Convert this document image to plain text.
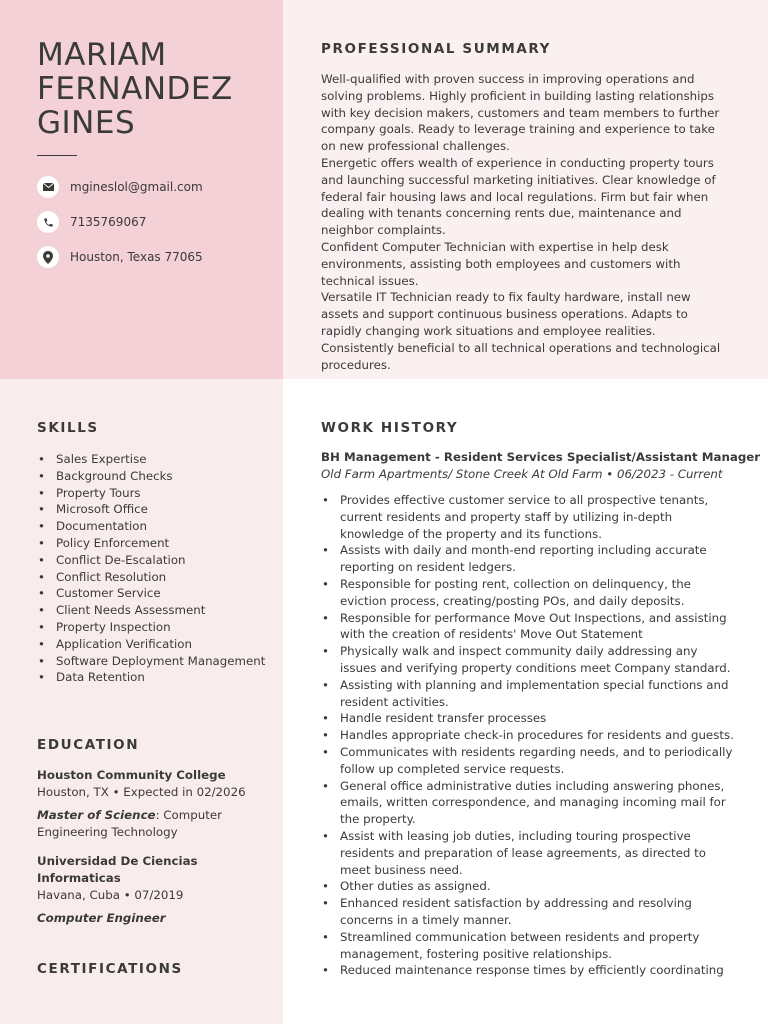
MARIAM
FERNANDEZ
GINES
mgineslol@gmail.com
7135769067
Houston, Texas 77065
PROFESSIONAL SUMMARY

Well-qualified with proven success in improving operations and solving problems. Highly proficient in building lasting relationships with key decision makers, customers and team members to further company goals. Ready to leverage training and experience to take on new professional challenges.

Energetic offers wealth of experience in conducting property tours and launching successful marketing initiatives. Clear knowledge of federal fair housing laws and local regulations. Firm but fair when dealing with tenants concerning rents due, maintenance and neighbor complaints.

Confident Computer Technician with expertise in help desk environments, assisting both employees and customers with technical issues.

Versatile IT Technician ready to fix faulty hardware, install new assets and support continuous business operations. Adapts to rapidly changing work situations and employee realities. Consistently beneficial to all technical operations and technological procedures.

SKILLS
• Sales Expertise
• Background Checks
• Property Tours
• Microsoft Office
• Documentation
• Policy Enforcement
• Conflict De-Escalation
• Conflict Resolution
• Customer Service
• Client Needs Assessment
• Property Inspection
• Application Verification
• Software Deployment Management
• Data Retention
EDUCATION
Houston Community College
Houston, TX • Expected in 02/2026
Master of Science: Computer Engineering Technology
Universidad De Ciencias Informaticas
Havana, Cuba • 07/2019
Computer Engineer
CERTIFICATIONS
WORK HISTORY
BH Management - Resident Services Specialist/Assistant Manager
Old Farm Apartments/ Stone Creek At Old Farm • 06/2023 - Current
• Provides effective customer service to all prospective tenants, current residents and property staff by utilizing in-depth knowledge of the property and its functions.
• Assists with daily and month-end reporting including accurate reporting on resident ledgers.
• Responsible for posting rent, collection on delinquency, the eviction process, creating/posting POs, and daily deposits.
• Responsible for performance Move Out Inspections, and assisting with the creation of residents' Move Out Statement
• Physically walk and inspect community daily addressing any issues and verifying property conditions meet Company standard.
• Assisting with planning and implementation special functions and resident activities.
• Handle resident transfer processes
• Handles appropriate check-in procedures for residents and guests.
• Communicates with residents regarding needs, and to periodically follow up completed service requests.
• General office administrative duties including answering phones, emails, written correspondence, and managing incoming mail for the property.
• Assist with leasing job duties, including touring prospective residents and preparation of lease agreements, as directed to meet business need.
• Other duties as assigned.
• Enhanced resident satisfaction by addressing and resolving concerns in a timely manner.
• Streamlined communication between residents and property management, fostering positive relationships.
• Reduced maintenance response times by efficiently coordinating
